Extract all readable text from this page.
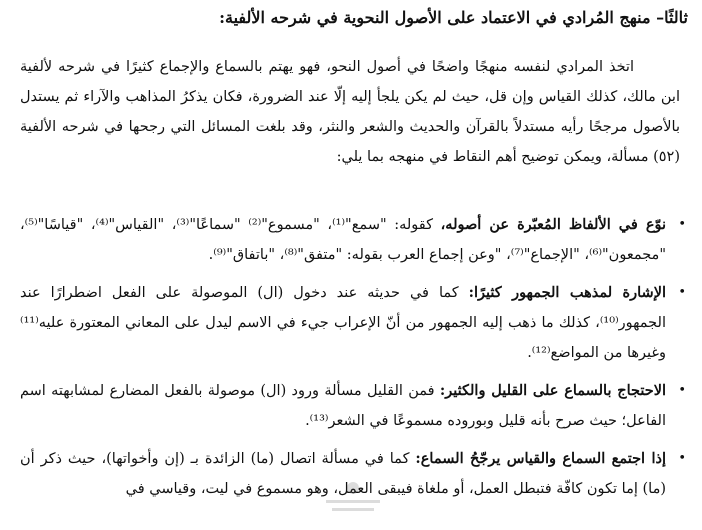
ثالثًا– منهج المُرادي في الاعتماد على الأصول النحوية في شرحه الألفية:

اتخذ المرادي لنفسه منهجًا واضحًا في أصول النحو، فهو يهتم بالسماع والإجماع كثيرًا في شرحه لألفية ابن مالك، كذلك القياس وإن قل، حيث لم يكن يلجأ إليه إلّا عند الضرورة، فكان يذكرُ المذاهب والآراء ثم يستدل بالأصول مرجحًا رأيه مستدلاً بالقرآن والحديث والشعر والنثر، وقد بلغت المسائل التي رجحها في شرحه الألفية (٥٢) مسألة، ويمكن توضيح أهم النقاط في منهجه بما يلي:

•
نوّع في الألفاظ المُعبّرة عن أصوله، كقوله: "سمع"⁽¹⁾، "مسموع"⁽²⁾ "سماعًا"⁽³⁾، "القياس"⁽⁴⁾، "قياسًا"⁽⁵⁾، "مجمعون"⁽⁶⁾، "الإجماع"⁽⁷⁾، "وعن إجماع العرب بقوله: "متفق"⁽⁸⁾، "باتفاق"⁽⁹⁾.
•
الإشارة لمذهب الجمهور كثيرًا: كما في حديثه عند دخول (ال) الموصولة على الفعل اضطرارًا عند الجمهور⁽¹⁰⁾، كذلك ما ذهب إليه الجمهور من أنّ الإعراب جيء في الاسم ليدل على المعاني المعتورة عليه⁽¹¹⁾ وغيرها من المواضع⁽¹²⁾.
•
الاحتجاج بالسماع على القليل والكثير: فمن القليل مسألة ورود (ال) موصولة بالفعل المضارع لمشابهته اسم الفاعل؛ حيث صرح بأنه قليل وبوروده مسموعًا في الشعر⁽¹³⁾.
•
إذا اجتمع السماع والقياس يرجّحُ السماع: كما في مسألة اتصال (ما) الزائدة بـ (إن وأخواتها)، حيث ذكر أن (ما) إما تكون كافّة فتبطل العمل، أو ملغاة فيبقى العمل، وهو مسموع في ليت، وقياسي في
